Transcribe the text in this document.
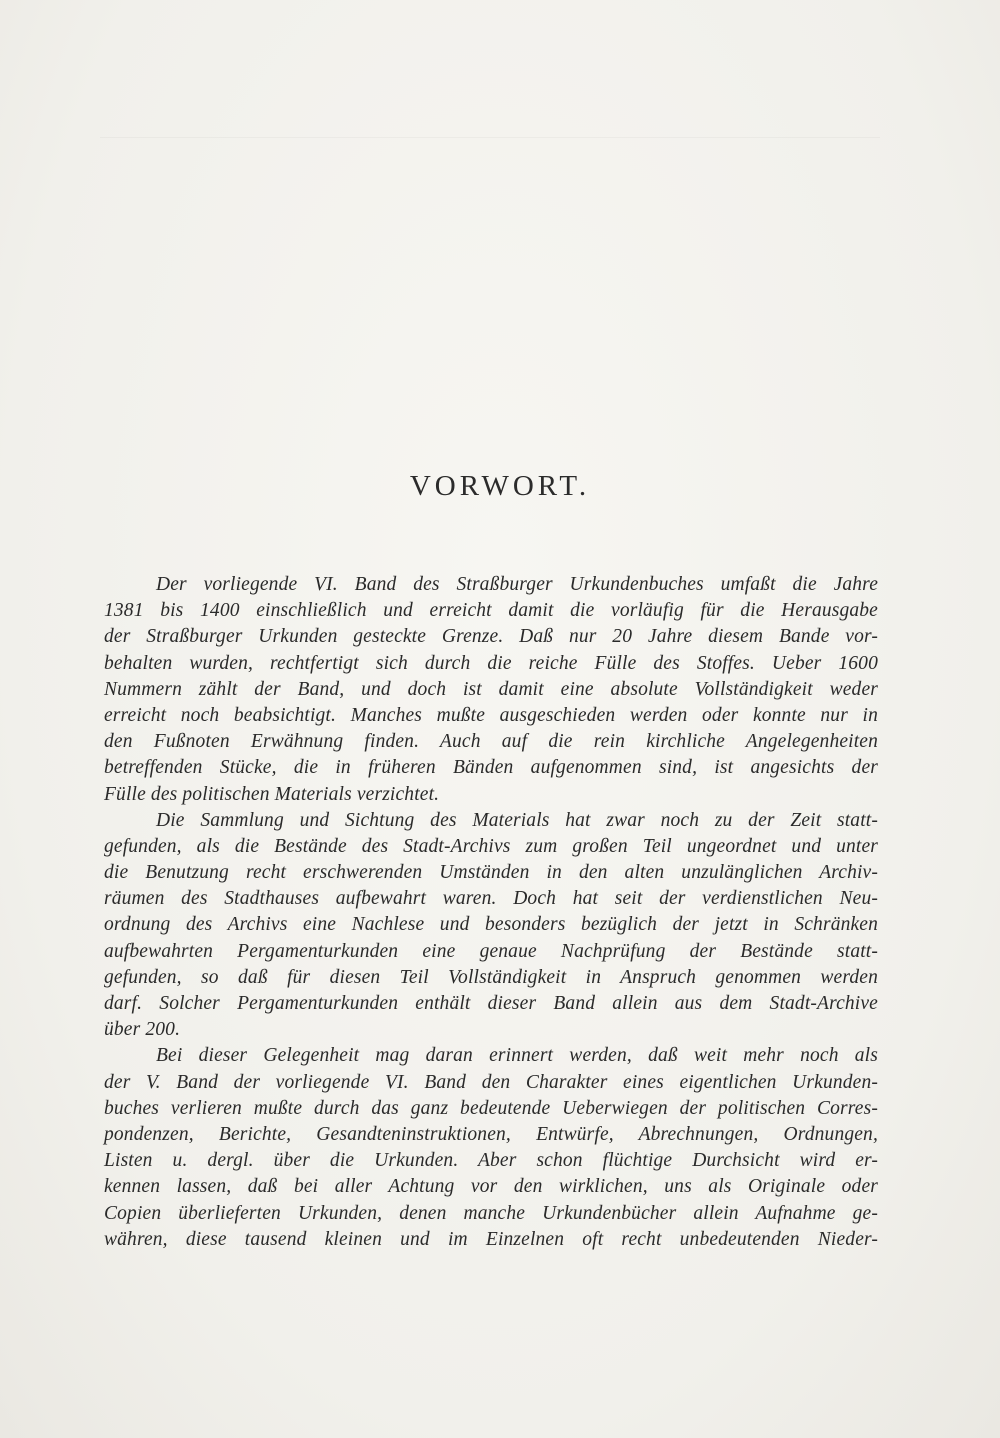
VORWORT.
Der vorliegende VI. Band des Straßburger Urkundenbuches umfaßt die Jahre
1381 bis 1400 einschließlich und erreicht damit die vorläufig für die Herausgabe
der Straßburger Urkunden gesteckte Grenze. Daß nur 20 Jahre diesem Bande vor-
behalten wurden, rechtfertigt sich durch die reiche Fülle des Stoffes. Ueber 1600
Nummern zählt der Band, und doch ist damit eine absolute Vollständigkeit weder
erreicht noch beabsichtigt. Manches mußte ausgeschieden werden oder konnte nur in
den Fußnoten Erwähnung finden. Auch auf die rein kirchliche Angelegenheiten
betreffenden Stücke, die in früheren Bänden aufgenommen sind, ist angesichts der
Fülle des politischen Materials verzichtet.
Die Sammlung und Sichtung des Materials hat zwar noch zu der Zeit statt-
gefunden, als die Bestände des Stadt-Archivs zum großen Teil ungeordnet und unter
die Benutzung recht erschwerenden Umständen in den alten unzulänglichen Archiv-
räumen des Stadthauses aufbewahrt waren. Doch hat seit der verdienstlichen Neu-
ordnung des Archivs eine Nachlese und besonders bezüglich der jetzt in Schränken
aufbewahrten Pergamenturkunden eine genaue Nachprüfung der Bestände statt-
gefunden, so daß für diesen Teil Vollständigkeit in Anspruch genommen werden
darf. Solcher Pergamenturkunden enthält dieser Band allein aus dem Stadt-Archive
über 200.
Bei dieser Gelegenheit mag daran erinnert werden, daß weit mehr noch als
der V. Band der vorliegende VI. Band den Charakter eines eigentlichen Urkunden-
buches verlieren mußte durch das ganz bedeutende Ueberwiegen der politischen Corres-
pondenzen, Berichte, Gesandteninstruktionen, Entwürfe, Abrechnungen, Ordnungen,
Listen u. dergl. über die Urkunden. Aber schon flüchtige Durchsicht wird er-
kennen lassen, daß bei aller Achtung vor den wirklichen, uns als Originale oder
Copien überlieferten Urkunden, denen manche Urkundenbücher allein Aufnahme ge-
währen, diese tausend kleinen und im Einzelnen oft recht unbedeutenden Nieder-
